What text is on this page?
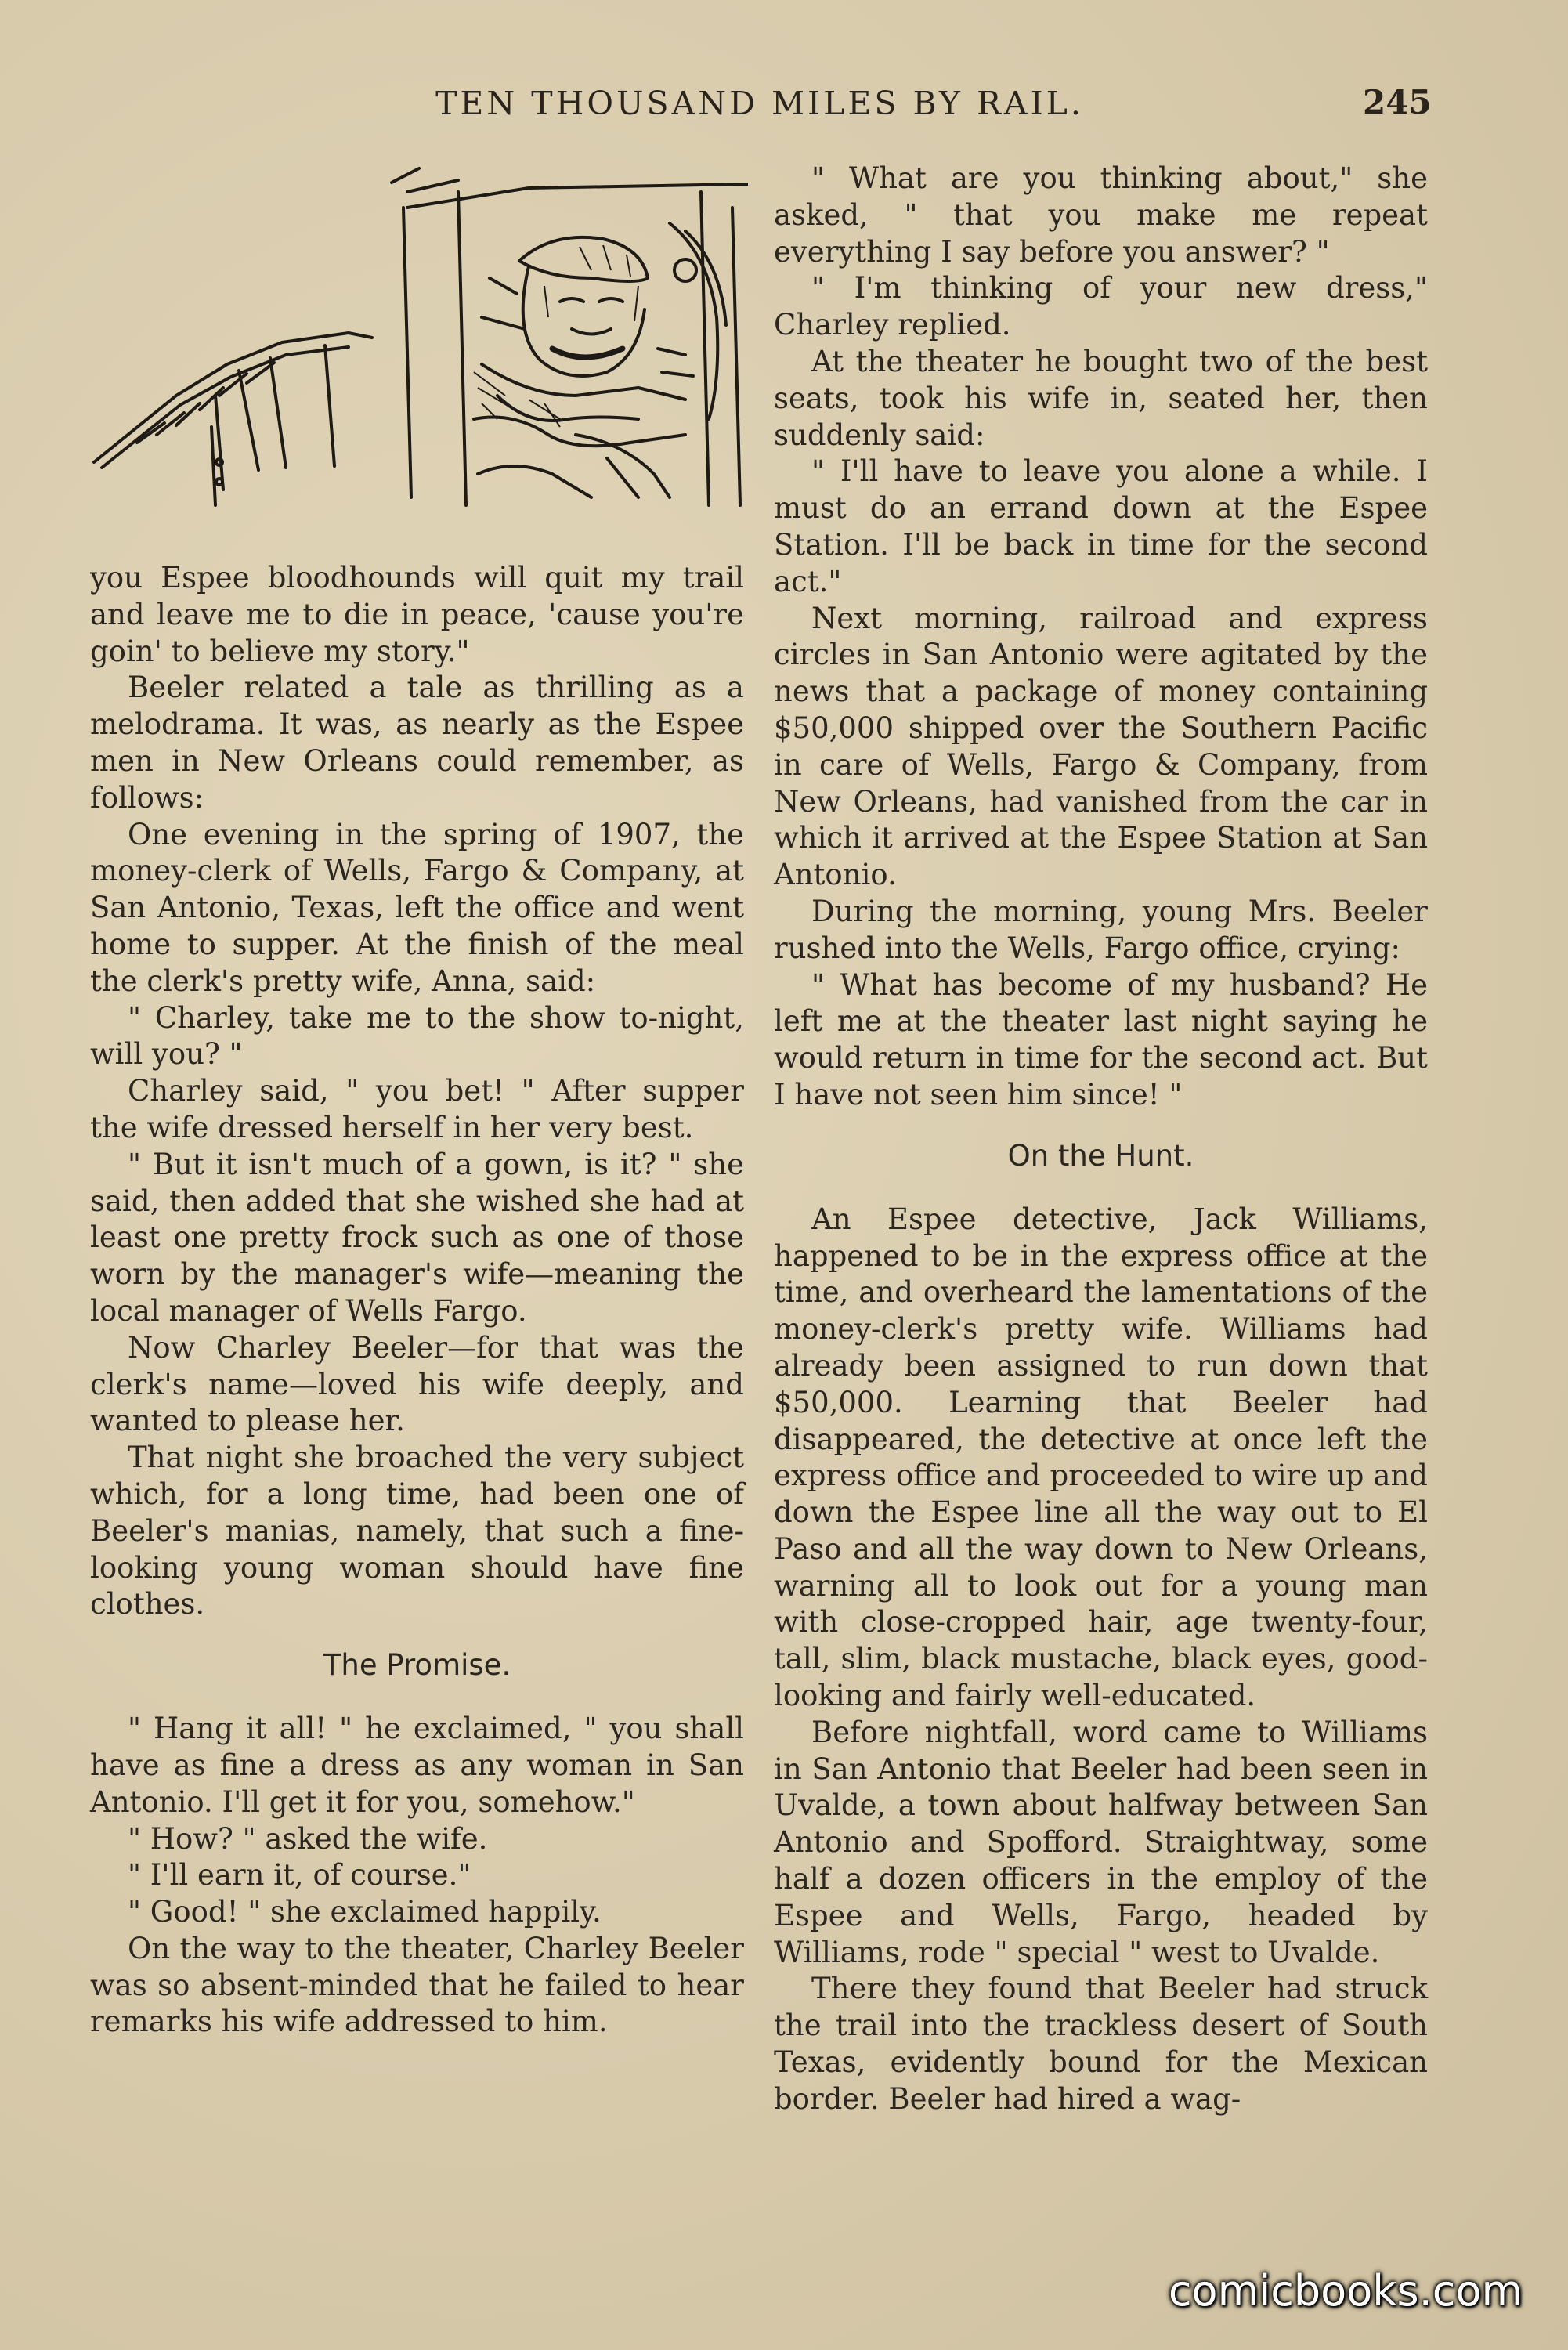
TEN THOUSAND MILES BY RAIL.	245

you Espee bloodhounds will quit my trail and leave me to die in peace, 'cause you're goin' to believe my story."

Beeler related a tale as thrilling as a melodrama. It was, as nearly as the Espee men in New Orleans could remember, as follows:

One evening in the spring of 1907, the money-clerk of Wells, Fargo & Company, at San Antonio, Texas, left the office and went home to supper. At the finish of the meal the clerk's pretty wife, Anna, said:

" Charley, take me to the show to-night, will you? "

Charley said, " you bet! " After supper the wife dressed herself in her very best.

" But it isn't much of a gown, is it? " she said, then added that she wished she had at least one pretty frock such as one of those worn by the manager's wife—meaning the local manager of Wells Fargo.

Now Charley Beeler—for that was the clerk's name—loved his wife deeply, and wanted to please her.

That night she broached the very subject which, for a long time, had been one of Beeler's manias, namely, that such a fine-looking young woman should have fine clothes.

The Promise.

" Hang it all! " he exclaimed, " you shall have as fine a dress as any woman in San Antonio. I'll get it for you, somehow."

" How? " asked the wife.

" I'll earn it, of course."

" Good! " she exclaimed happily.

On the way to the theater, Charley Beeler was so absent-minded that he failed to hear remarks his wife addressed to him.

" What are you thinking about," she asked, " that you make me repeat everything I say before you answer? "

" I'm thinking of your new dress," Charley replied.

At the theater he bought two of the best seats, took his wife in, seated her, then suddenly said:

" I'll have to leave you alone a while. I must do an errand down at the Espee Station. I'll be back in time for the second act."

Next morning, railroad and express circles in San Antonio were agitated by the news that a package of money containing $50,000 shipped over the Southern Pacific in care of Wells, Fargo & Company, from New Orleans, had vanished from the car in which it arrived at the Espee Station at San Antonio.

During the morning, young Mrs. Beeler rushed into the Wells, Fargo office, crying:

" What has become of my husband? He left me at the theater last night saying he would return in time for the second act. But I have not seen him since! "

On the Hunt.

An Espee detective, Jack Williams, happened to be in the express office at the time, and overheard the lamentations of the money-clerk's pretty wife. Williams had already been assigned to run down that $50,000. Learning that Beeler had disappeared, the detective at once left the express office and proceeded to wire up and down the Espee line all the way out to El Paso and all the way down to New Orleans, warning all to look out for a young man with close-cropped hair, age twenty-four, tall, slim, black mustache, black eyes, good-looking and fairly well-educated.

Before nightfall, word came to Williams in San Antonio that Beeler had been seen in Uvalde, a town about halfway between San Antonio and Spofford. Straightway, some half a dozen officers in the employ of the Espee and Wells, Fargo, headed by Williams, rode " special " west to Uvalde.

There they found that Beeler had struck the trail into the trackless desert of South Texas, evidently bound for the Mexican border. Beeler had hired a wag-

comicbooks.com
